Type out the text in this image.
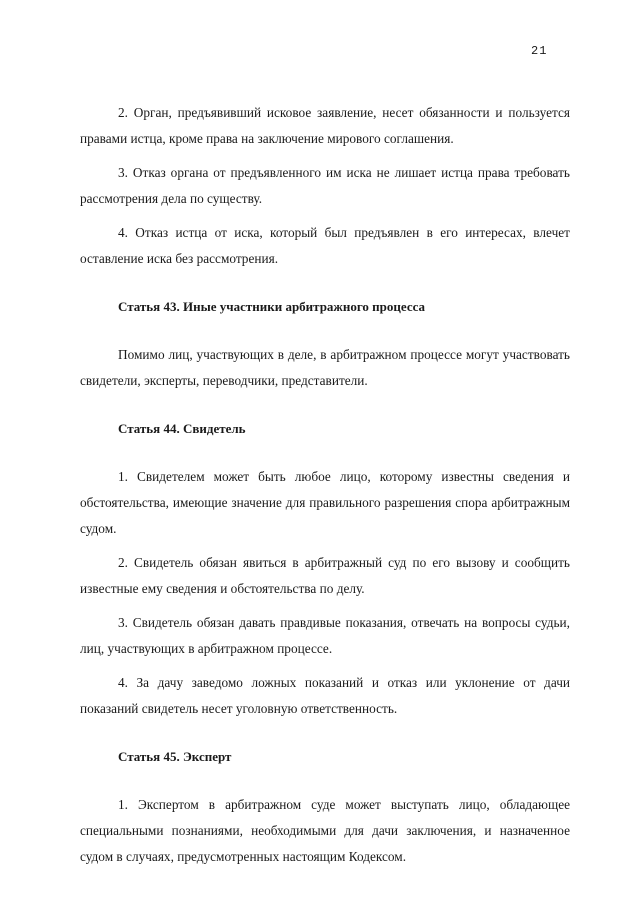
21

2. Орган, предъявивший исковое заявление, несет обязанности и пользуется правами истца, кроме права на заключение мирового соглашения.

3. Отказ органа от предъявленного им иска не лишает истца права требовать рассмотрения дела по существу.

4. Отказ истца от иска, который был предъявлен в его интересах, влечет оставление иска без рассмотрения.

Статья 43. Иные участники арбитражного процесса

Помимо лиц, участвующих в деле, в арбитражном процессе могут участвовать свидетели, эксперты, переводчики, представители.

Статья 44. Свидетель

1. Свидетелем может быть любое лицо, которому известны сведения и обстоятельства, имеющие значение для правильного разрешения спора арбитражным судом.

2. Свидетель обязан явиться в арбитражный суд по его вызову и сообщить известные ему сведения и обстоятельства по делу.

3. Свидетель обязан давать правдивые показания, отвечать на вопросы судьи, лиц, участвующих в арбитражном процессе.

4. За дачу заведомо ложных показаний и отказ или уклонение от дачи показаний свидетель несет уголовную ответственность.

Статья 45. Эксперт

1. Экспертом в арбитражном суде может выступать лицо, обладающее специальными познаниями, необходимыми для дачи заключения, и назначенное судом в случаях, предусмотренных настоящим Кодексом.
